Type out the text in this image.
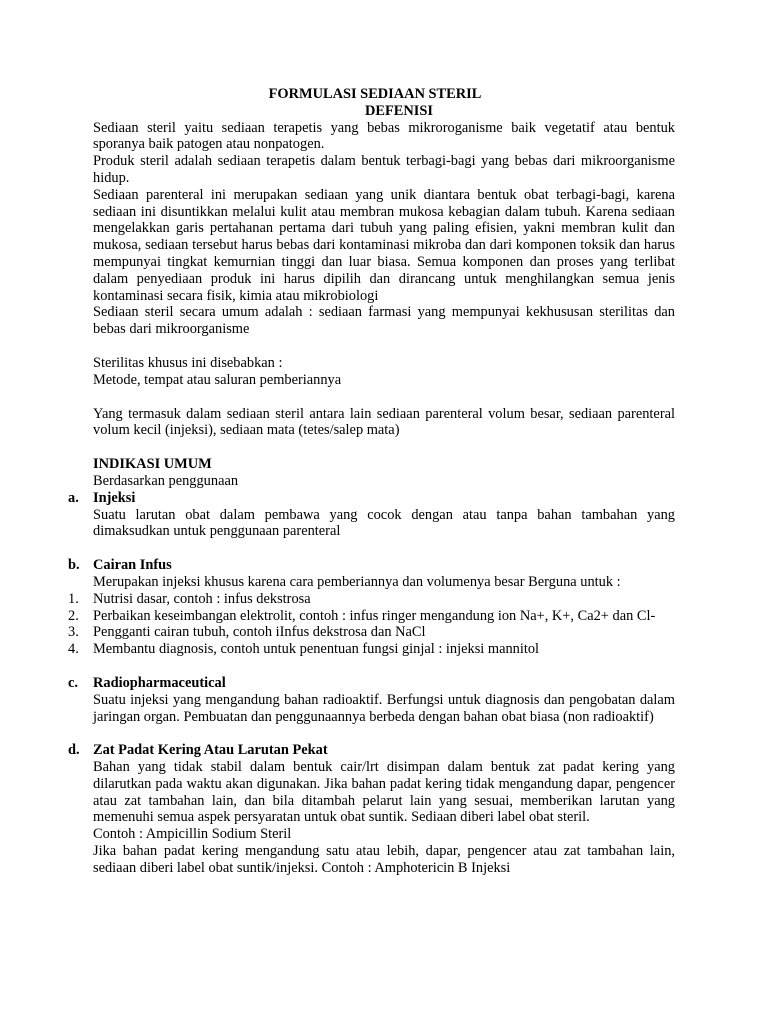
FORMULASI SEDIAAN STERIL
DEFENISI

Sediaan steril yaitu sediaan terapetis yang bebas mikroroganisme baik vegetatif atau bentuk sporanya baik patogen atau nonpatogen.

Produk steril adalah sediaan terapetis dalam bentuk terbagi-bagi yang bebas dari mikroorganisme hidup.

Sediaan parenteral ini merupakan sediaan yang unik diantara bentuk obat terbagi-bagi, karena sediaan ini disuntikkan melalui kulit atau membran mukosa kebagian dalam tubuh. Karena sediaan mengelakkan garis pertahanan pertama dari tubuh yang paling efisien, yakni membran kulit dan mukosa, sediaan tersebut harus bebas dari kontaminasi mikroba dan dari komponen toksik dan harus mempunyai tingkat kemurnian tinggi dan luar biasa. Semua komponen dan proses yang terlibat dalam penyediaan produk ini harus dipilih dan dirancang untuk menghilangkan semua jenis kontaminasi secara fisik, kimia atau mikrobiologi

Sediaan steril secara umum adalah : sediaan farmasi yang mempunyai kekhususan sterilitas dan bebas dari mikroorganisme

Sterilitas khusus ini disebabkan :

Metode, tempat atau saluran pemberiannya

Yang termasuk dalam sediaan steril antara lain sediaan parenteral volum besar, sediaan parenteral volum kecil (injeksi), sediaan mata (tetes/salep mata)

INDIKASI UMUM

Berdasarkan penggunaan

a. Injeksi

Suatu larutan obat dalam pembawa yang cocok dengan atau tanpa bahan tambahan yang dimaksudkan untuk penggunaan parenteral

b. Cairan Infus

Merupakan injeksi khusus karena cara pemberiannya dan volumenya besar Berguna untuk :

1. Nutrisi dasar, contoh : infus dekstrosa

2. Perbaikan keseimbangan elektrolit, contoh : infus ringer mengandung ion Na+, K+, Ca2+ dan Cl-

3. Pengganti cairan tubuh, contoh iInfus dekstrosa dan NaCl

4. Membantu diagnosis, contoh untuk penentuan fungsi ginjal : injeksi mannitol

c. Radiopharmaceutical

Suatu injeksi yang mengandung bahan radioaktif. Berfungsi untuk diagnosis dan pengobatan dalam jaringan organ. Pembuatan dan penggunaannya berbeda dengan bahan obat biasa (non radioaktif)

d. Zat Padat Kering Atau Larutan Pekat

Bahan yang tidak stabil dalam bentuk cair/lrt disimpan dalam bentuk zat padat kering yang dilarutkan pada waktu akan digunakan. Jika bahan padat kering tidak mengandung dapar, pengencer atau zat tambahan lain, dan bila ditambah pelarut lain yang sesuai, memberikan larutan yang memenuhi semua aspek persyaratan untuk obat suntik. Sediaan diberi label obat steril.

Contoh : Ampicillin Sodium Steril

Jika bahan padat kering mengandung satu atau lebih, dapar, pengencer atau zat tambahan lain, sediaan diberi label obat suntik/injeksi. Contoh : Amphotericin B Injeksi
